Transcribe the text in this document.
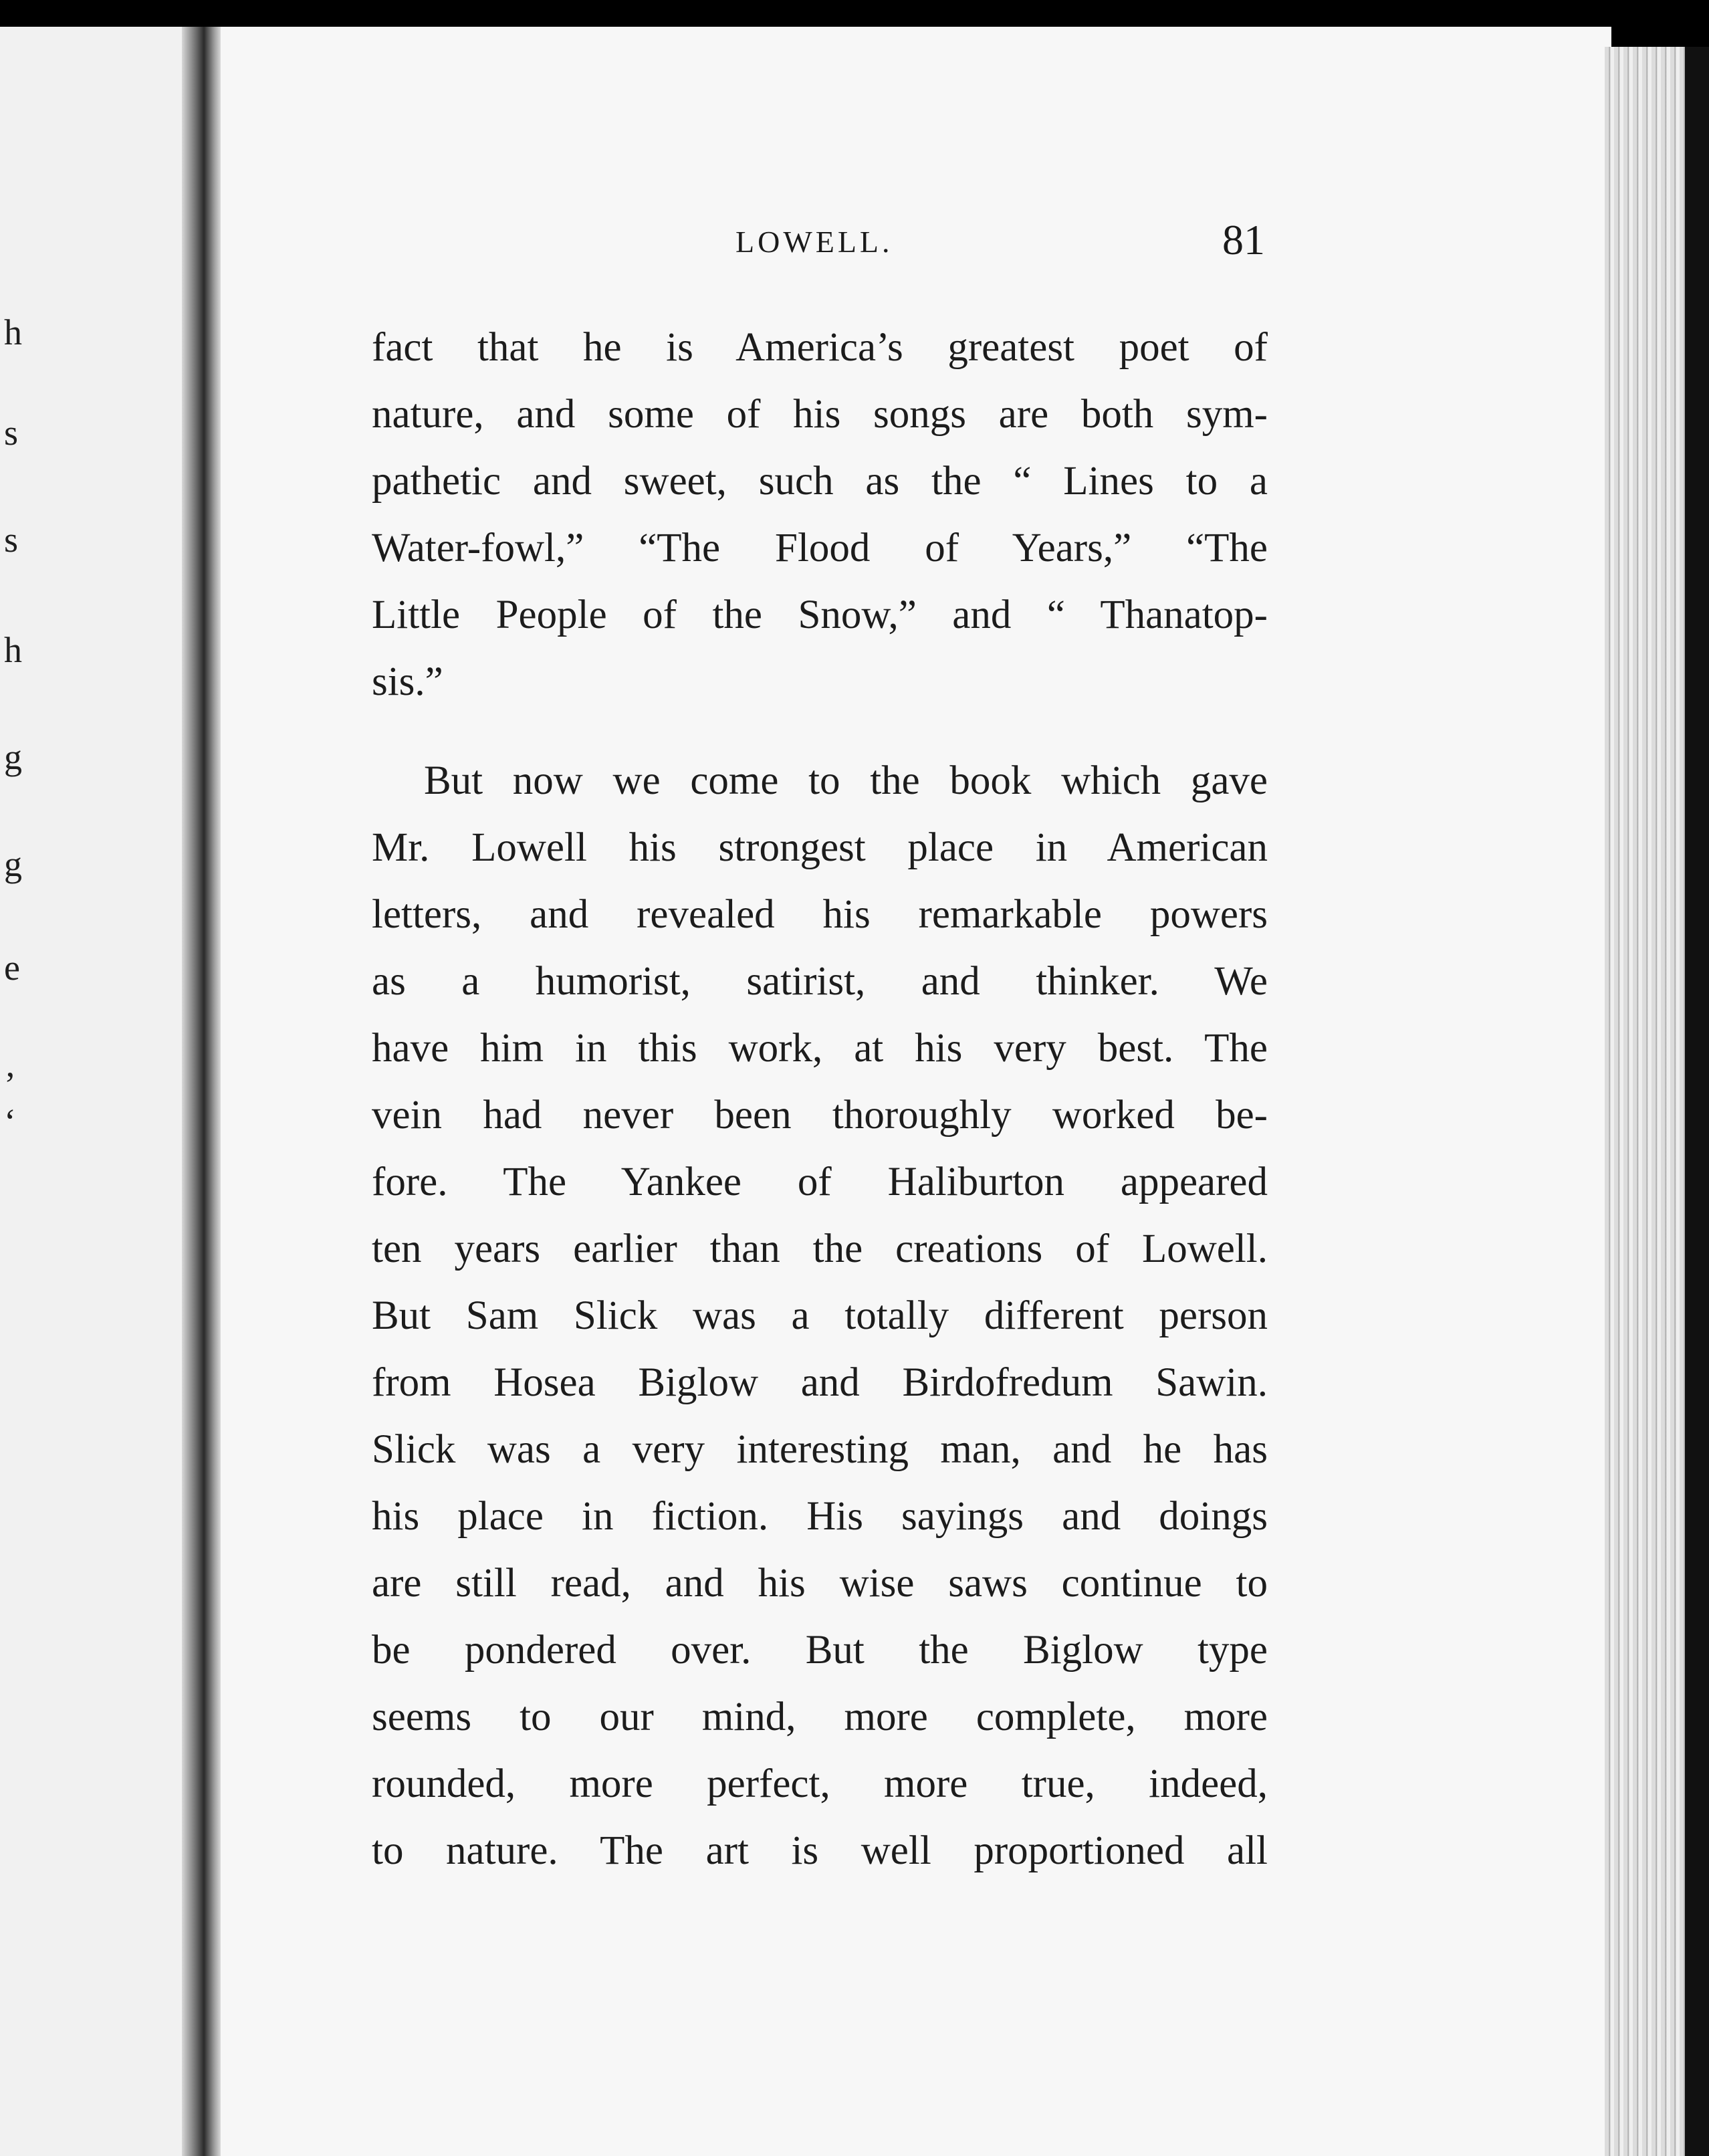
h
s
s
h
g
g
e
’
‘
LOWELL.	81
fact that he is America’s greatest poet of
nature, and some of his songs are both sym-
pathetic and sweet, such as the “ Lines to a
Water-fowl,” “The Flood of Years,” “The
Little People of the Snow,” and “ Thanatop-
sis.”
But now we come to the book which gave
Mr. Lowell his strongest place in American
letters, and revealed his remarkable powers
as a humorist, satirist, and thinker. We
have him in this work, at his very best. The
vein had never been thoroughly worked be-
fore. The Yankee of Haliburton appeared
ten years earlier than the creations of Lowell.
But Sam Slick was a totally different person
from Hosea Biglow and Birdofredum Sawin.
Slick was a very interesting man, and he has
his place in fiction. His sayings and doings
are still read, and his wise saws continue to
be pondered over. But the Biglow type
seems to our mind, more complete, more
rounded, more perfect, more true, indeed,
to nature. The art is well proportioned all
